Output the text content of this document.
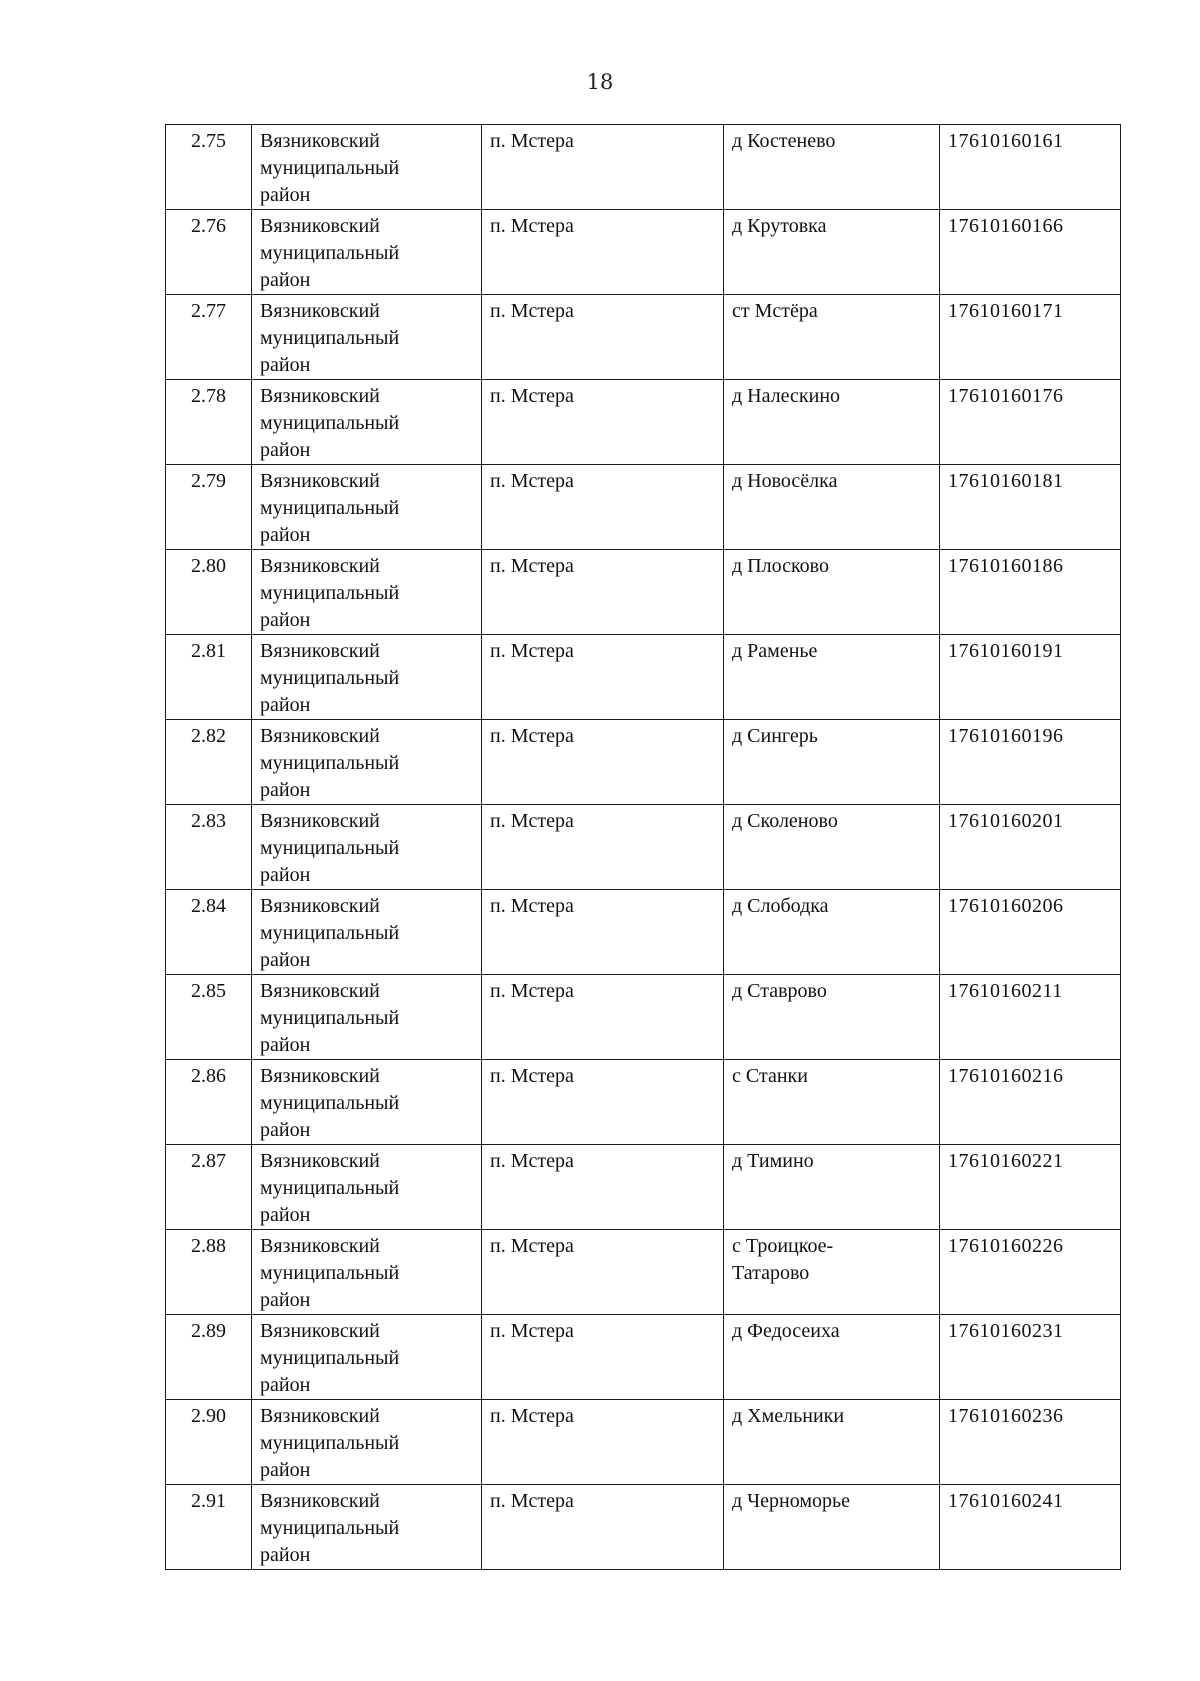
18
2.75	Вязниковский
муниципальный
район	п. Мстера	д Костенево	17610160161
2.76	Вязниковский
муниципальный
район	п. Мстера	д Крутовка	17610160166
2.77	Вязниковский
муниципальный
район	п. Мстера	ст Мстёра	17610160171
2.78	Вязниковский
муниципальный
район	п. Мстера	д Налескино	17610160176
2.79	Вязниковский
муниципальный
район	п. Мстера	д Новосёлка	17610160181
2.80	Вязниковский
муниципальный
район	п. Мстера	д Плосково	17610160186
2.81	Вязниковский
муниципальный
район	п. Мстера	д Раменье	17610160191
2.82	Вязниковский
муниципальный
район	п. Мстера	д Сингерь	17610160196
2.83	Вязниковский
муниципальный
район	п. Мстера	д Сколеново	17610160201
2.84	Вязниковский
муниципальный
район	п. Мстера	д Слободка	17610160206
2.85	Вязниковский
муниципальный
район	п. Мстера	д Ставрово	17610160211
2.86	Вязниковский
муниципальный
район	п. Мстера	с Станки	17610160216
2.87	Вязниковский
муниципальный
район	п. Мстера	д Тимино	17610160221
2.88	Вязниковский
муниципальный
район	п. Мстера	с Троицкое-
Татарово	17610160226
2.89	Вязниковский
муниципальный
район	п. Мстера	д Федосеиха	17610160231
2.90	Вязниковский
муниципальный
район	п. Мстера	д Хмельники	17610160236
2.91	Вязниковский
муниципальный
район	п. Мстера	д Черноморье	17610160241
